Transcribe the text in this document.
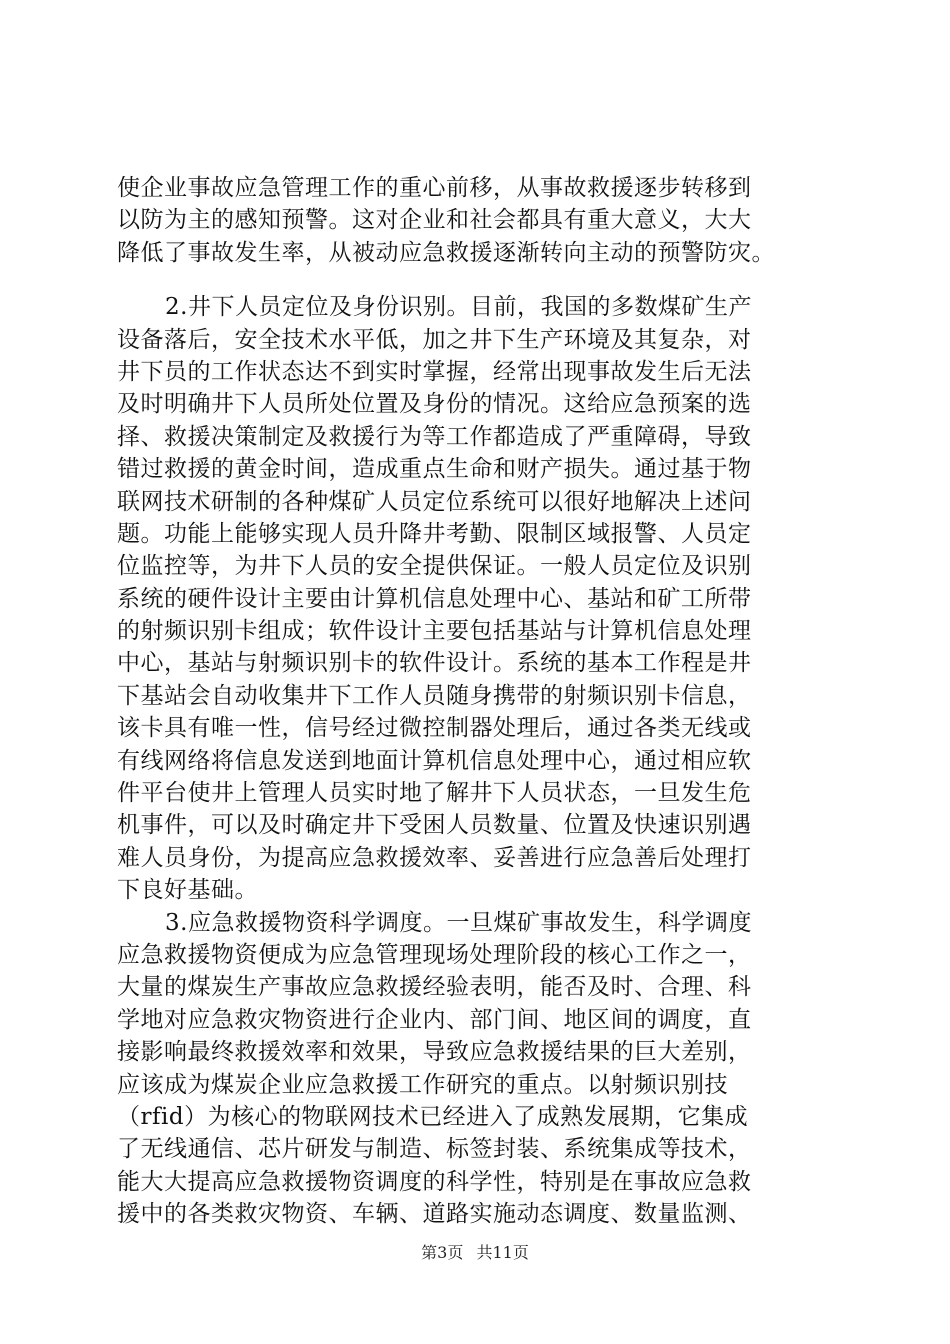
使企业事故应急管理工作的重心前移，从事故救援逐步转移到
以防为主的感知预警。这对企业和社会都具有重大意义，大大
降低了事故发生率，从被动应急救援逐渐转向主动的预警防灾。
2.井下人员定位及身份识别。目前，我国的多数煤矿生产
设备落后，安全技术水平低，加之井下生产环境及其复杂，对
井下员的工作状态达不到实时掌握，经常出现事故发生后无法
及时明确井下人员所处位置及身份的情况。这给应急预案的选
择、救援决策制定及救援行为等工作都造成了严重障碍，导致
错过救援的黄金时间，造成重点生命和财产损失。通过基于物
联网技术研制的各种煤矿人员定位系统可以很好地解决上述问
题。功能上能够实现人员升降井考勤、限制区域报警、人员定
位监控等，为井下人员的安全提供保证。一般人员定位及识别
系统的硬件设计主要由计算机信息处理中心、基站和矿工所带
的射频识别卡组成；软件设计主要包括基站与计算机信息处理
中心，基站与射频识别卡的软件设计。系统的基本工作程是井
下基站会自动收集井下工作人员随身携带的射频识别卡信息，
该卡具有唯一性，信号经过微控制器处理后，通过各类无线或
有线网络将信息发送到地面计算机信息处理中心，通过相应软
件平台使井上管理人员实时地了解井下人员状态，一旦发生危
机事件，可以及时确定井下受困人员数量、位置及快速识别遇
难人员身份，为提高应急救援效率、妥善进行应急善后处理打
下良好基础。
3.应急救援物资科学调度。一旦煤矿事故发生，科学调度
应急救援物资便成为应急管理现场处理阶段的核心工作之一，
大量的煤炭生产事故应急救援经验表明，能否及时、合理、科
学地对应急救灾物资进行企业内、部门间、地区间的调度，直
接影响最终救援效率和效果，导致应急救援结果的巨大差别，
应该成为煤炭企业应急救援工作研究的重点。以射频识别技
（rfid）为核心的物联网技术已经进入了成熟发展期，它集成
了无线通信、芯片研发与制造、标签封装、系统集成等技术，
能大大提高应急救援物资调度的科学性，特别是在事故应急救
援中的各类救灾物资、车辆、道路实施动态调度、数量监测、
第3页 共11页
